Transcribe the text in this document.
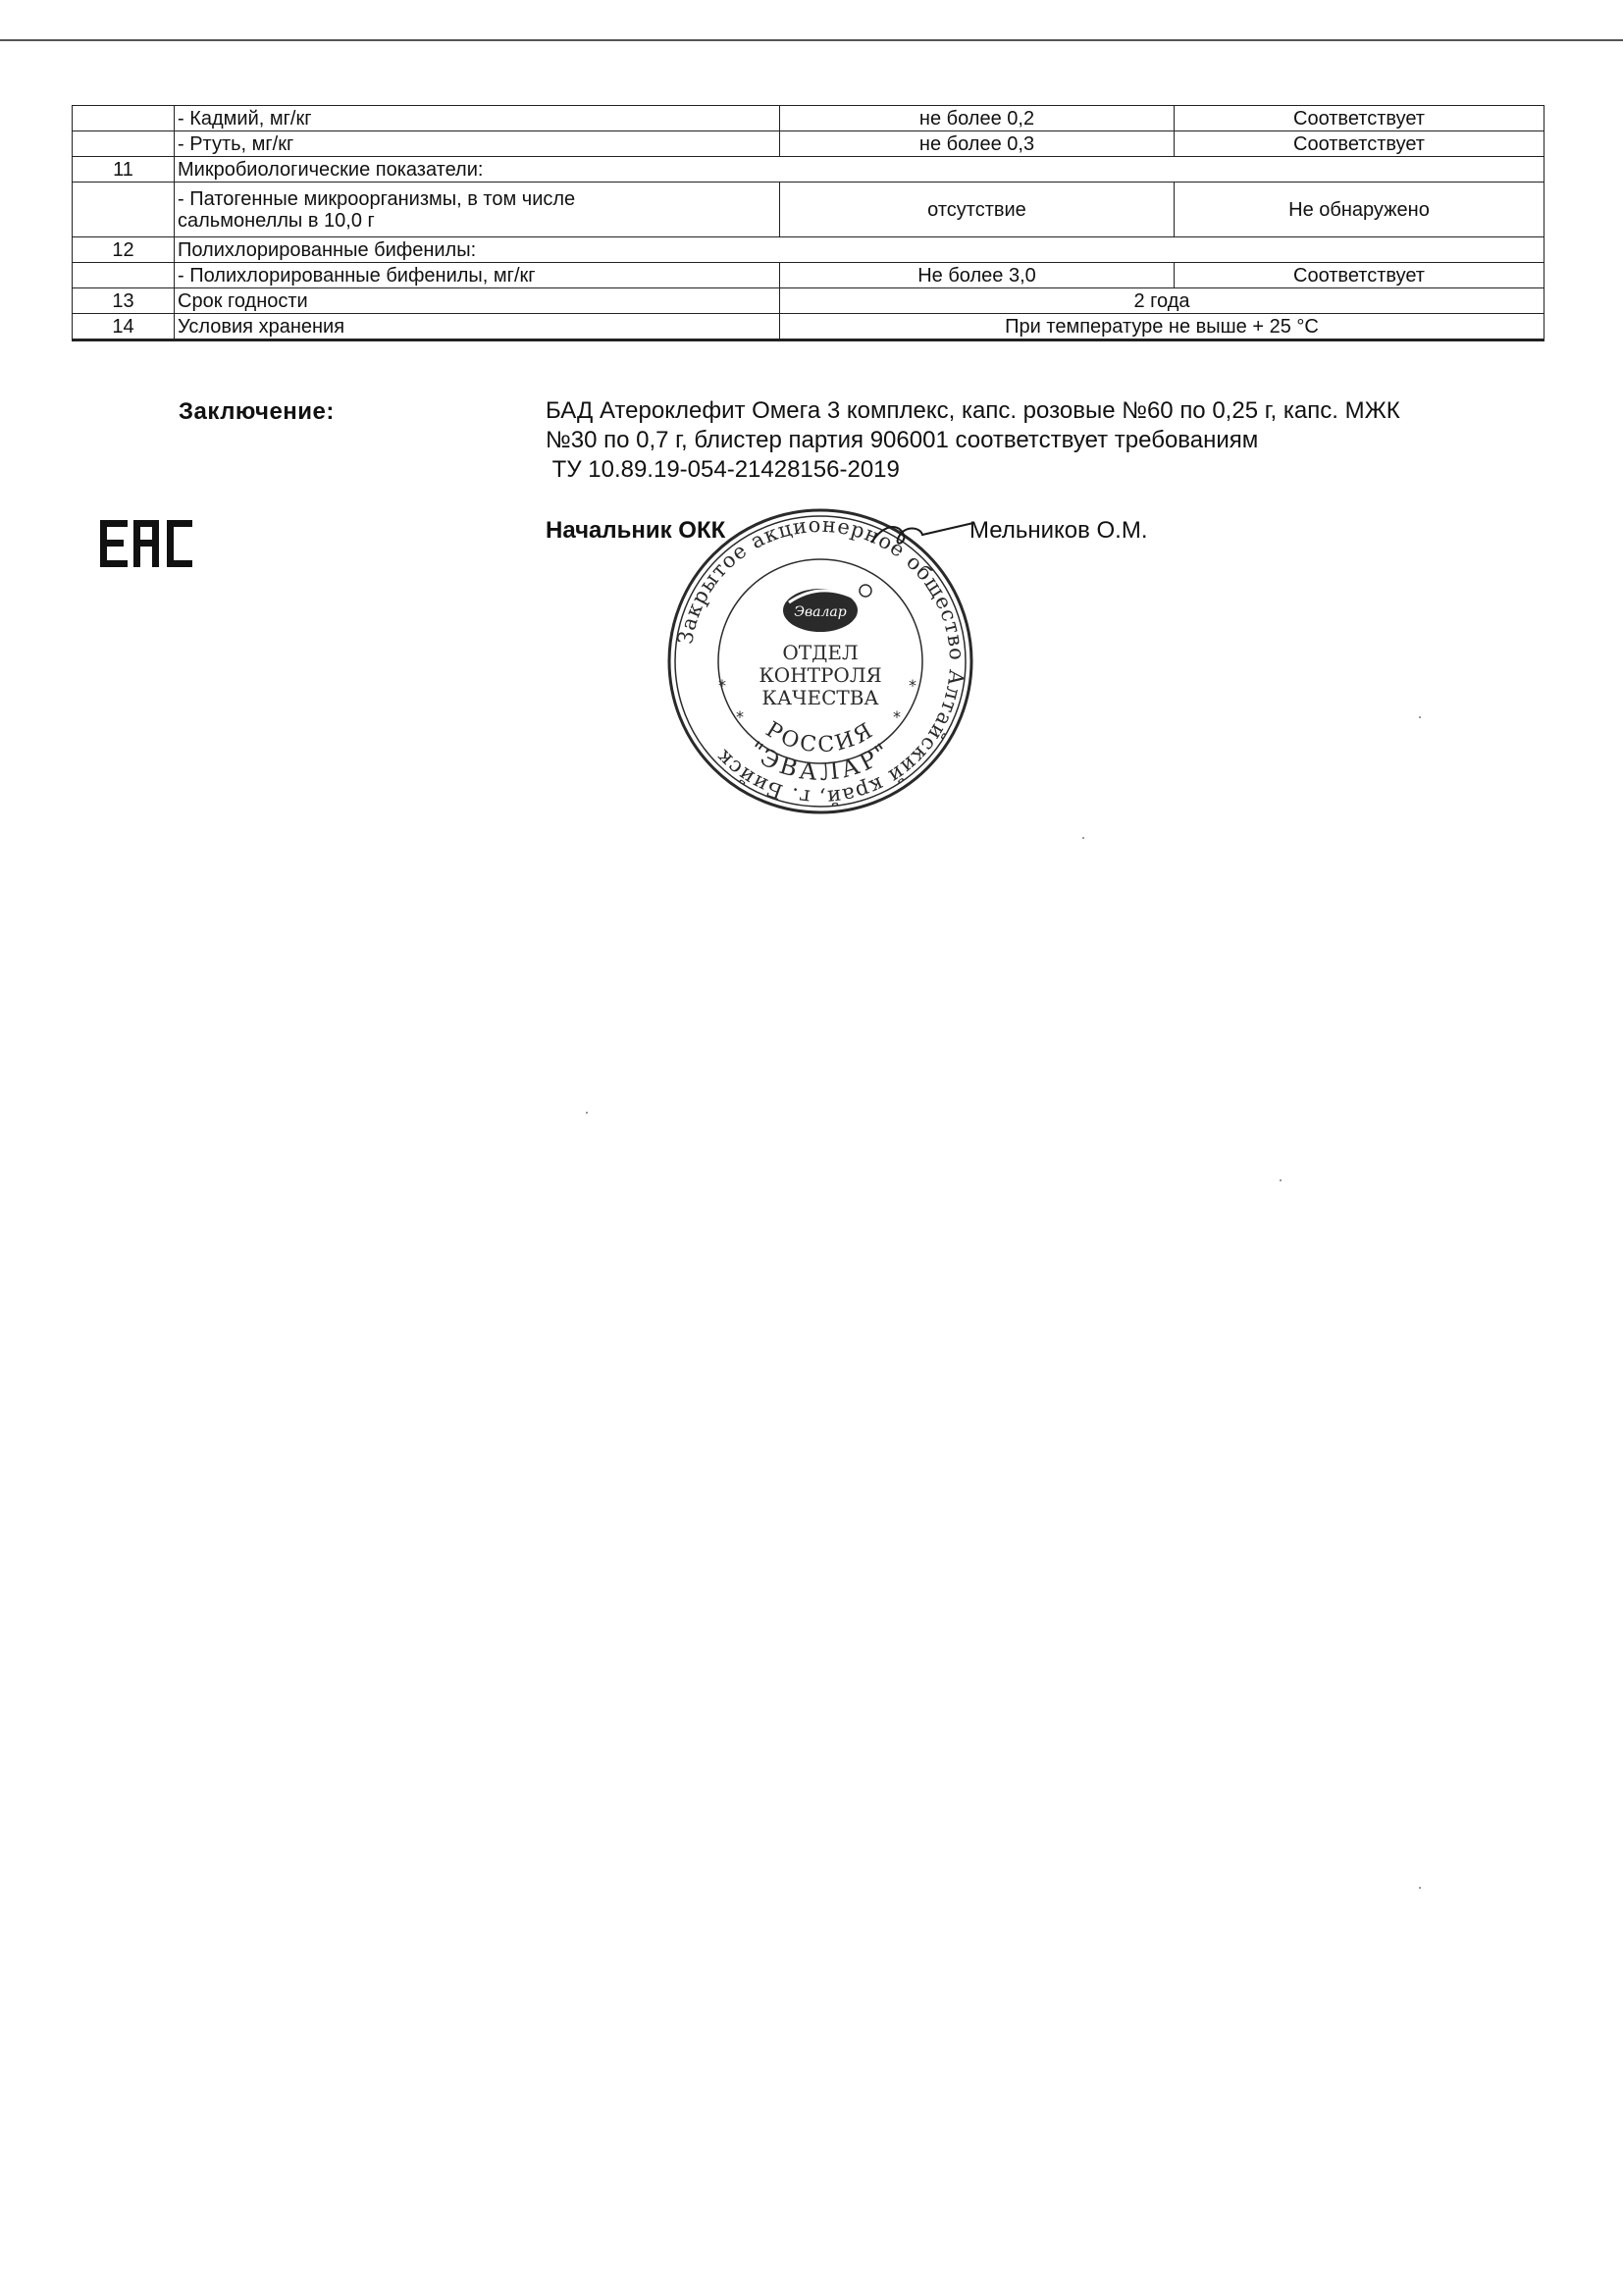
	- Кадмий, мг/кг	не более 0,2	Соответствует
	- Ртуть, мг/кг	не более 0,3	Соответствует
11	Микробиологические показатели:		

	- Патогенные микроорганизмы, в том числе
сальмонеллы в 10,0 г	отсутствие	Не обнаружено
12	Полихлорированные бифенилы:		
	- Полихлорированные бифенилы, мг/кг	Не более 3,0	Соответствует
13	Срок годности	2 года	
14	Условия хранения	При температуре не выше + 25 °C	
Заключение:	БАД Атероклефит Омега 3 комплекс, капс. розовые №60 по 0,25 г, капс. МЖК
№30 по 0,7 г, блистер партия 906001 соответствует требованиям
ТУ 10.89.19-054-21428156-2019
Начальник ОКК	Мельников О.М.
Закрытое акционерное общество Алтайский край, г. Бийск
Эвалар
ОТДЕЛ
КОНТРОЛЯ
КАЧЕСТВА
РОССИЯ
"ЭВАЛАР"
*	*
*	*
